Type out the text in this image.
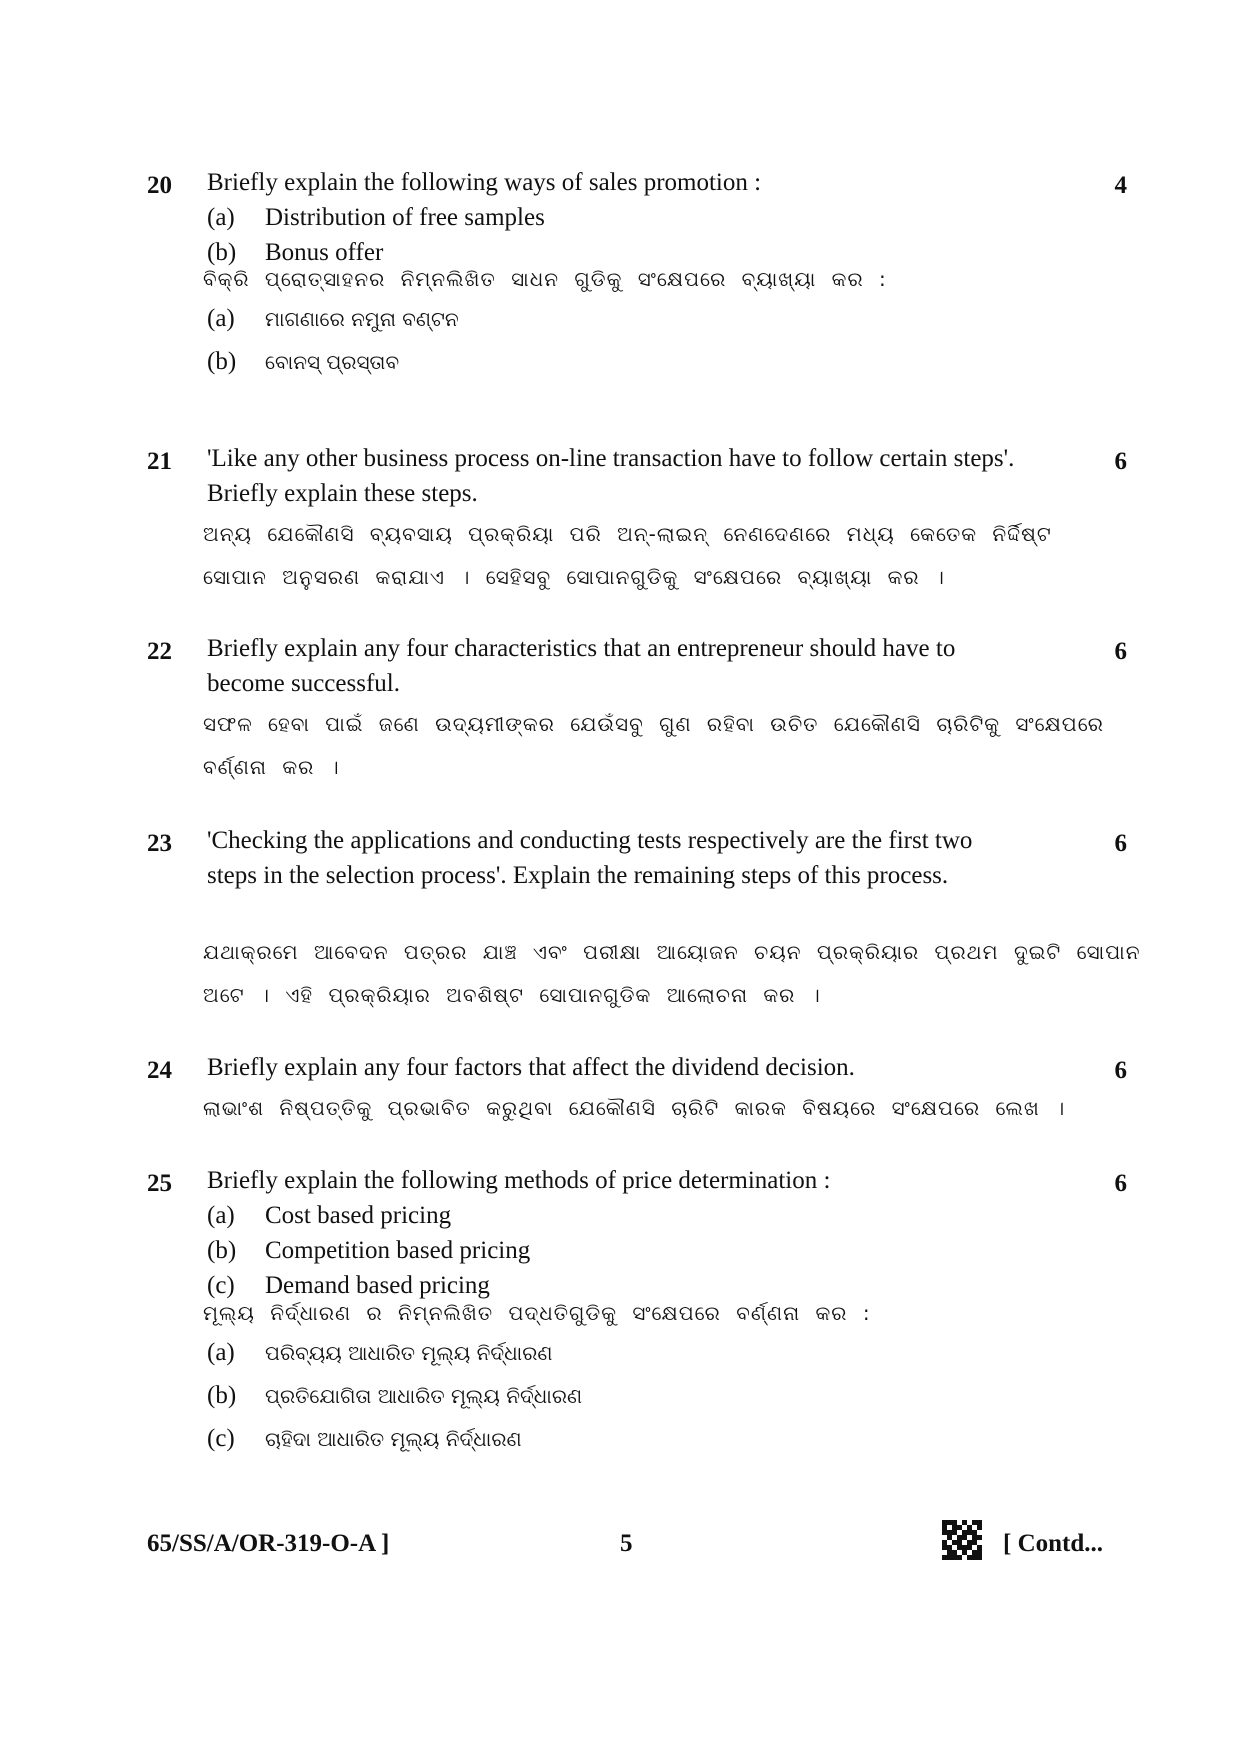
20	4
Briefly explain the following ways of sales promotion :
(a) Distribution of free samples
(b) Bonus offer
ବିକ୍ରି ପ୍ରୋତ୍ସାହନର ନିମ୍ନଲିଖିତ ସାଧନ ଗୁଡିକୁ ସଂକ୍ଷେପରେ ବ୍ୟାଖ୍ୟା କର :
(a) ମାଗଣାରେ ନମୁନା ବଣ୍ଟନ
(b) ବୋନସ୍ ପ୍ରସ୍ତାବ
21	6
'Like any other business process on-line transaction have to follow certain steps'. Briefly explain these steps.
ଅନ୍ୟ ଯେକୌଣସି ବ୍ୟବସାୟ ପ୍ରକ୍ରିୟା ପରି ଅନ୍-ଲାଇନ୍ ନେଣଦେଣରେ ମଧ୍ୟ କେତେକ ନିର୍ଦ୍ଦିଷ୍ଟ ସୋପାନ ଅନୁସରଣ କରାଯାଏ । ସେହିସବୁ ସୋପାନଗୁଡିକୁ ସଂକ୍ଷେପରେ ବ୍ୟାଖ୍ୟା କର ।
22	6
Briefly explain any four characteristics that an entrepreneur should have to become successful.
ସଫଳ ହେବା ପାଇଁ ଜଣେ ଉଦ୍ୟମୀଙ୍କର ଯେଉଁସବୁ ଗୁଣ ରହିବା ଉଚିତ ଯେକୌଣସି ଚାରିଟିକୁ ସଂକ୍ଷେପରେ ବର୍ଣ୍ଣନା କର ।
23	6
'Checking the applications and conducting tests respectively are the first two steps in the selection process'. Explain the remaining steps of this process.
ଯଥାକ୍ରମେ ଆବେଦନ ପତ୍ରର ଯାଞ୍ଚ ଏବଂ ପରୀକ୍ଷା ଆୟୋଜନ ଚୟନ ପ୍ରକ୍ରିୟାର ପ୍ରଥମ ଦୁଇଟି ସୋପାନ ଅଟେ । ଏହି ପ୍ରକ୍ରିୟାର ଅବଶିଷ୍ଟ ସୋପାନଗୁଡିକ ଆଲୋଚନା କର ।
24	6
Briefly explain any four factors that affect the dividend decision.
ଲାଭାଂଶ ନିଷ୍ପତ୍ତିକୁ ପ୍ରଭାବିତ କରୁଥିବା ଯେକୌଣସି ଚାରିଟି କାରକ ବିଷୟରେ ସଂକ୍ଷେପରେ ଲେଖ ।
25	6
Briefly explain the following methods of price determination :
(a) Cost based pricing
(b) Competition based pricing
(c) Demand based pricing
ମୂଲ୍ୟ ନିର୍ଦ୍ଧାରଣ ର ନିମ୍ନଲିଖିତ ପଦ୍ଧତିଗୁଡିକୁ ସଂକ୍ଷେପରେ ବର୍ଣ୍ଣନା କର :
(a) ପରିବ୍ୟୟ ଆଧାରିତ ମୂଲ୍ୟ ନିର୍ଦ୍ଧାରଣ
(b) ପ୍ରତିଯୋଗିତା ଆଧାରିତ ମୂଲ୍ୟ ନିର୍ଦ୍ଧାରଣ
(c) ଚାହିଦା ଆଧାରିତ ମୂଲ୍ୟ ନିର୍ଦ୍ଧାରଣ
65/SS/A/OR-319-O-A ]	5	[ Contd...
